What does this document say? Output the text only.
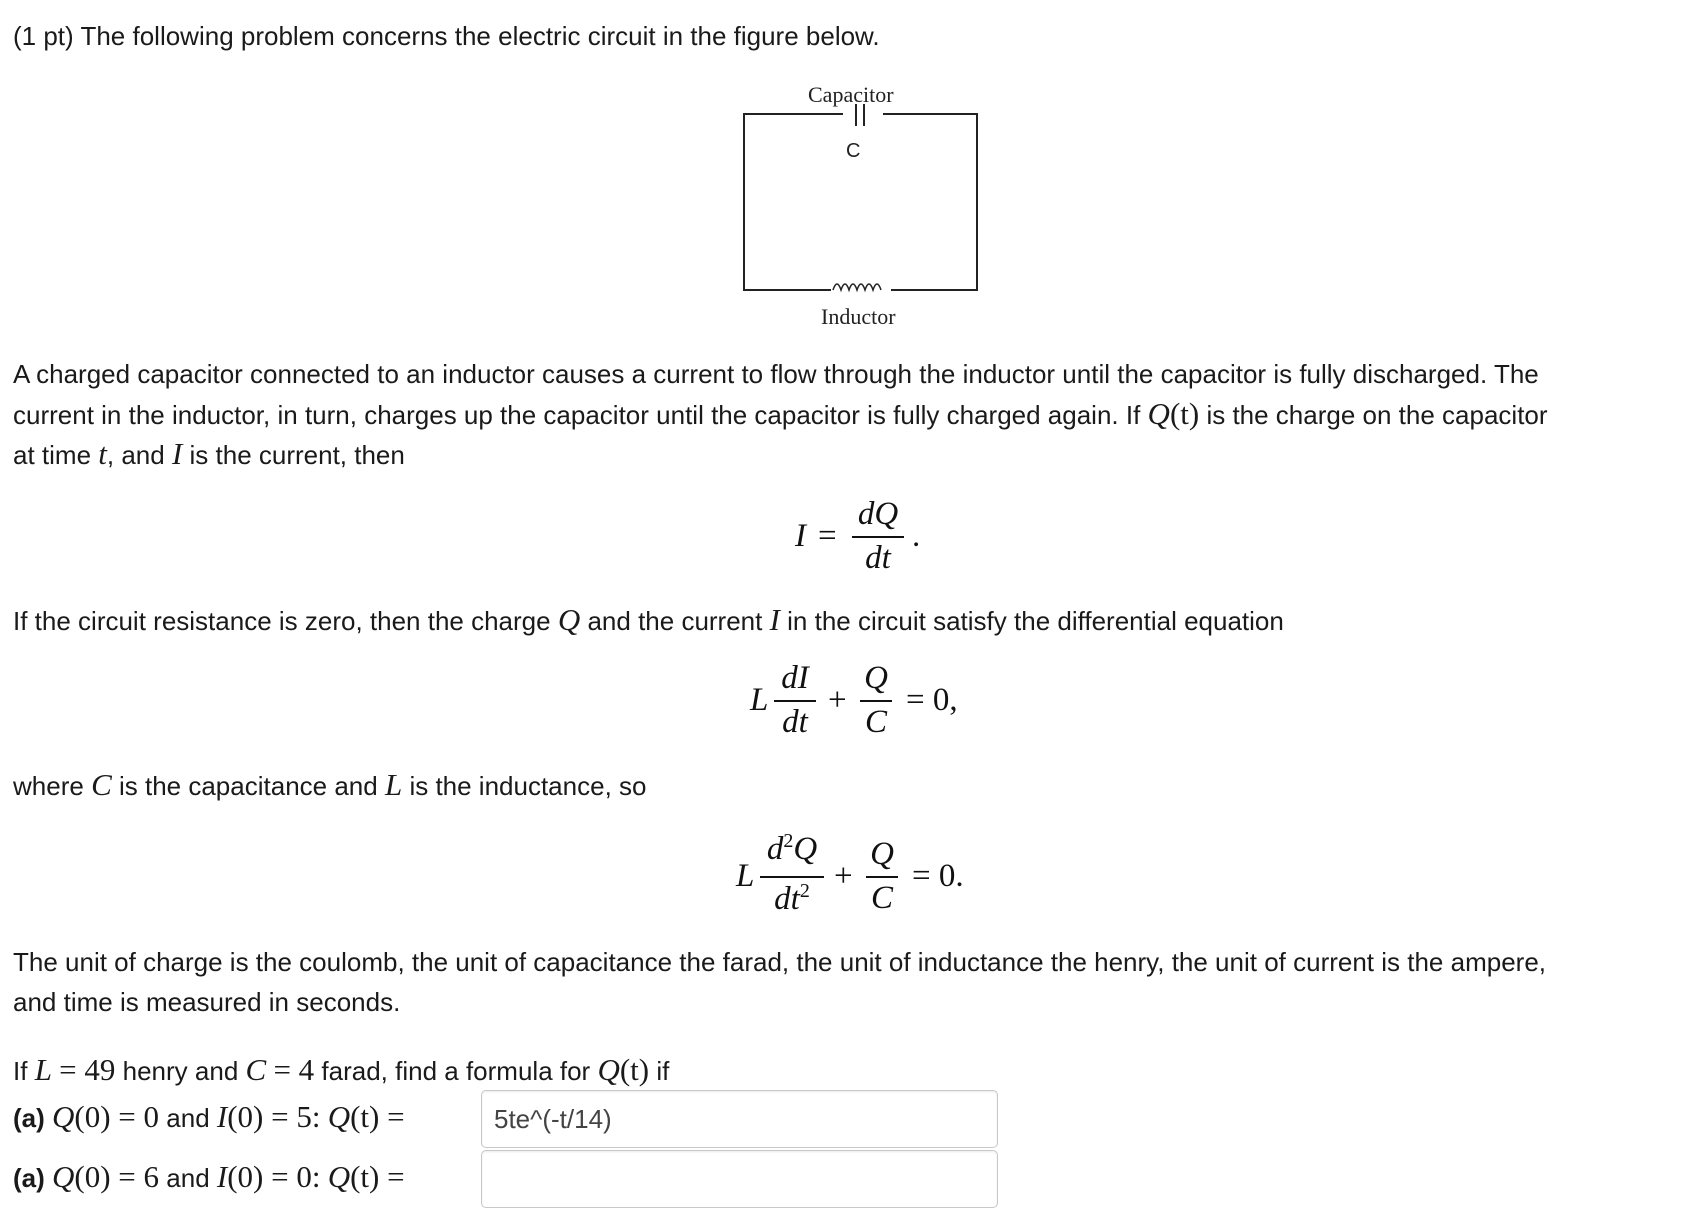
(1 pt) The following problem concerns the electric circuit in the figure below.
Capacitor
C
Inductor
A charged capacitor connected to an inductor causes a current to flow through the inductor until the capacitor is fully discharged. The
current in the inductor, in turn, charges up the capacitor until the capacitor is fully charged again. If Q(t) is the charge on the capacitor
at time t, and I is the current, then
I =
dQ
dt
.
If the circuit resistance is zero, then the charge Q and the current I in the circuit satisfy the differential equation
L
dI
dt
+
Q
C
= 0,
where C is the capacitance and L is the inductance, so
L
$d^2Q$
$dt^2$ +
Q
C
= 0.
The unit of charge is the coulomb, the unit of capacitance the farad, the unit of inductance the henry, the unit of current is the ampere,
and time is measured in seconds.
If L = 49 henry and C = 4 farad, find a formula for Q(t) if
(a) Q(0) = 0 and I(0) = 5: Q(t) =
5te^(-t/14)
(a) Q(0) = 6 and I(0) = 0: Q(t) =
